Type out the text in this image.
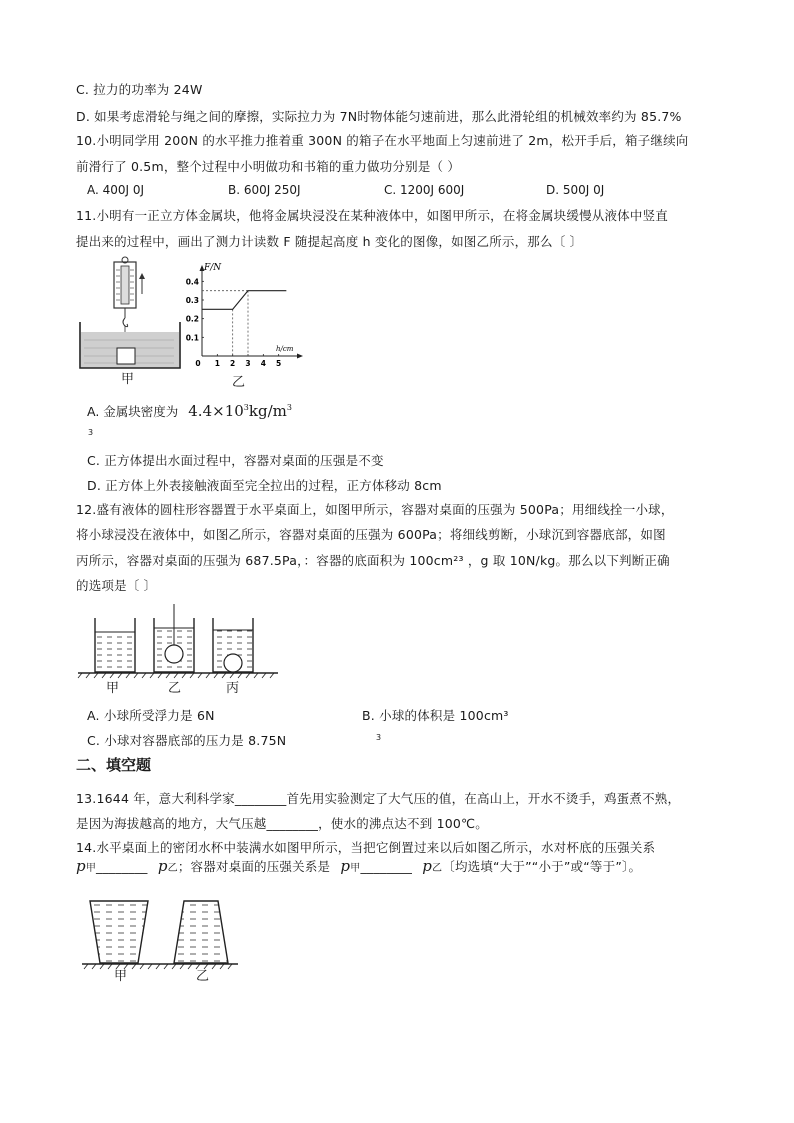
C. 拉力的功率为 24W
D. 如果考虑滑轮与绳之间的摩擦，实际拉力为 7N时物体能匀速前进，那么此滑轮组的机械效率约为 85.7%
10.小明同学用 200N 的水平推力推着重 300N 的箱子在水平地面上匀速前进了 2m，松开手后，箱子继续向
前滑行了 0.5m，整个过程中小明做功和书箱的重力做功分别是（ ）
A. 400J 0J	B. 600J 250J	C. 1200J 600J	D. 500J 0J
11.小明有一正立方体金属块，他将金属块浸没在某种液体中，如图甲所示，在将金属块缓慢从液体中竖直
提出来的过程中，画出了测力计读数 F 随提起高度 h 变化的图像，如图乙所示，那么〔 〕
甲
0.1
0.2
0.3
0.4
0 1 2 3 4 5
F/N
h/cm
乙
A. 金属块密度为 $4.4\times 10^3kg/m^3$
3
C. 正方体提出水面过程中，容器对桌面的压强是不变
D. 正方体上外表接触液面至完全拉出的过程，正方体移动 8cm
12.盛有液体的圆柱形容器置于水平桌面上，如图甲所示，容器对桌面的压强为 500Pa；用细线拴一小球，
将小球浸没在液体中，如图乙所示，容器对桌面的压强为 600Pa；将细线剪断，小球沉到容器底部，如图
丙所示，容器对桌面的压强为 687.5Pa，：容器的底面积为 100cm²³ ，g 取 10N/kg。那么以下判断正确
的选项是〔 〕
甲	乙	丙
A. 小球所受浮力是 6N	B. 小球的体积是 100cm³
C. 小球对容器底部的压力是 8.75N	3
二、填空题
13.1644 年，意大利科学家________首先用实验测定了大气压的值，在高山上，开水不烫手，鸡蛋煮不熟，
是因为海拔越高的地方，大气压越________，使水的沸点达不到 100℃。
14.水平桌面上的密闭水杯中装满水如图甲所示，当把它倒置过来以后如图乙所示，水对杯底的压强关系
p甲________ p乙；容器对桌面的压强关系是 p甲________ p乙〔均选填“大于”“小于”或“等于”〕。
甲	乙
